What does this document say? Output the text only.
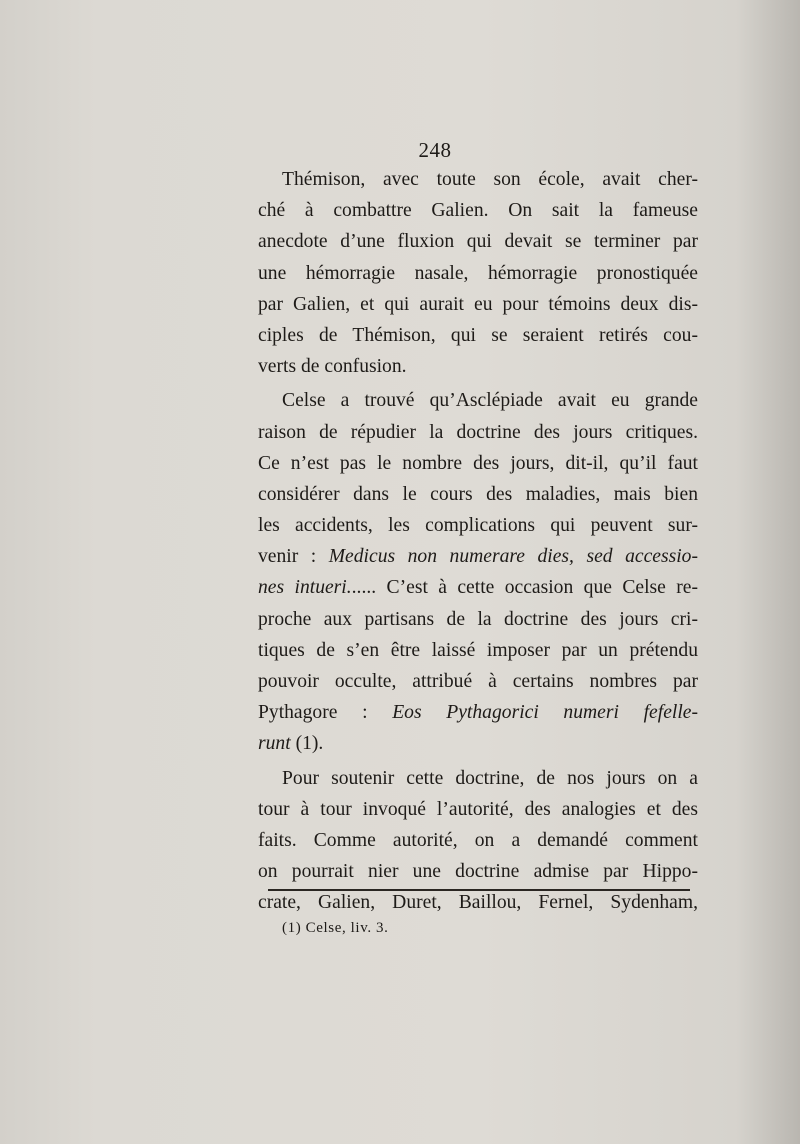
248
Thémison, avec toute son école, avait cher-
ché à combattre Galien. On sait la fameuse
anecdote d’une fluxion qui devait se terminer par
une hémorragie nasale, hémorragie pronostiquée
par Galien, et qui aurait eu pour témoins deux dis-
ciples de Thémison, qui se seraient retirés cou-
verts de confusion.
Celse a trouvé qu’Asclépiade avait eu grande
raison de répudier la doctrine des jours critiques.
Ce n’est pas le nombre des jours, dit-il, qu’il faut
considérer dans le cours des maladies, mais bien
les accidents, les complications qui peuvent sur-
venir : Medicus non numerare dies, sed accessio-
nes intueri...... C’est à cette occasion que Celse re-
proche aux partisans de la doctrine des jours cri-
tiques de s’en être laissé imposer par un prétendu
pouvoir occulte, attribué à certains nombres par
Pythagore : Eos Pythagorici numeri fefelle-
runt (1).
Pour soutenir cette doctrine, de nos jours on a
tour à tour invoqué l’autorité, des analogies et des
faits. Comme autorité, on a demandé comment
on pourrait nier une doctrine admise par Hippo-
crate, Galien, Duret, Baillou, Fernel, Sydenham,
(1) Celse, liv. 3.
